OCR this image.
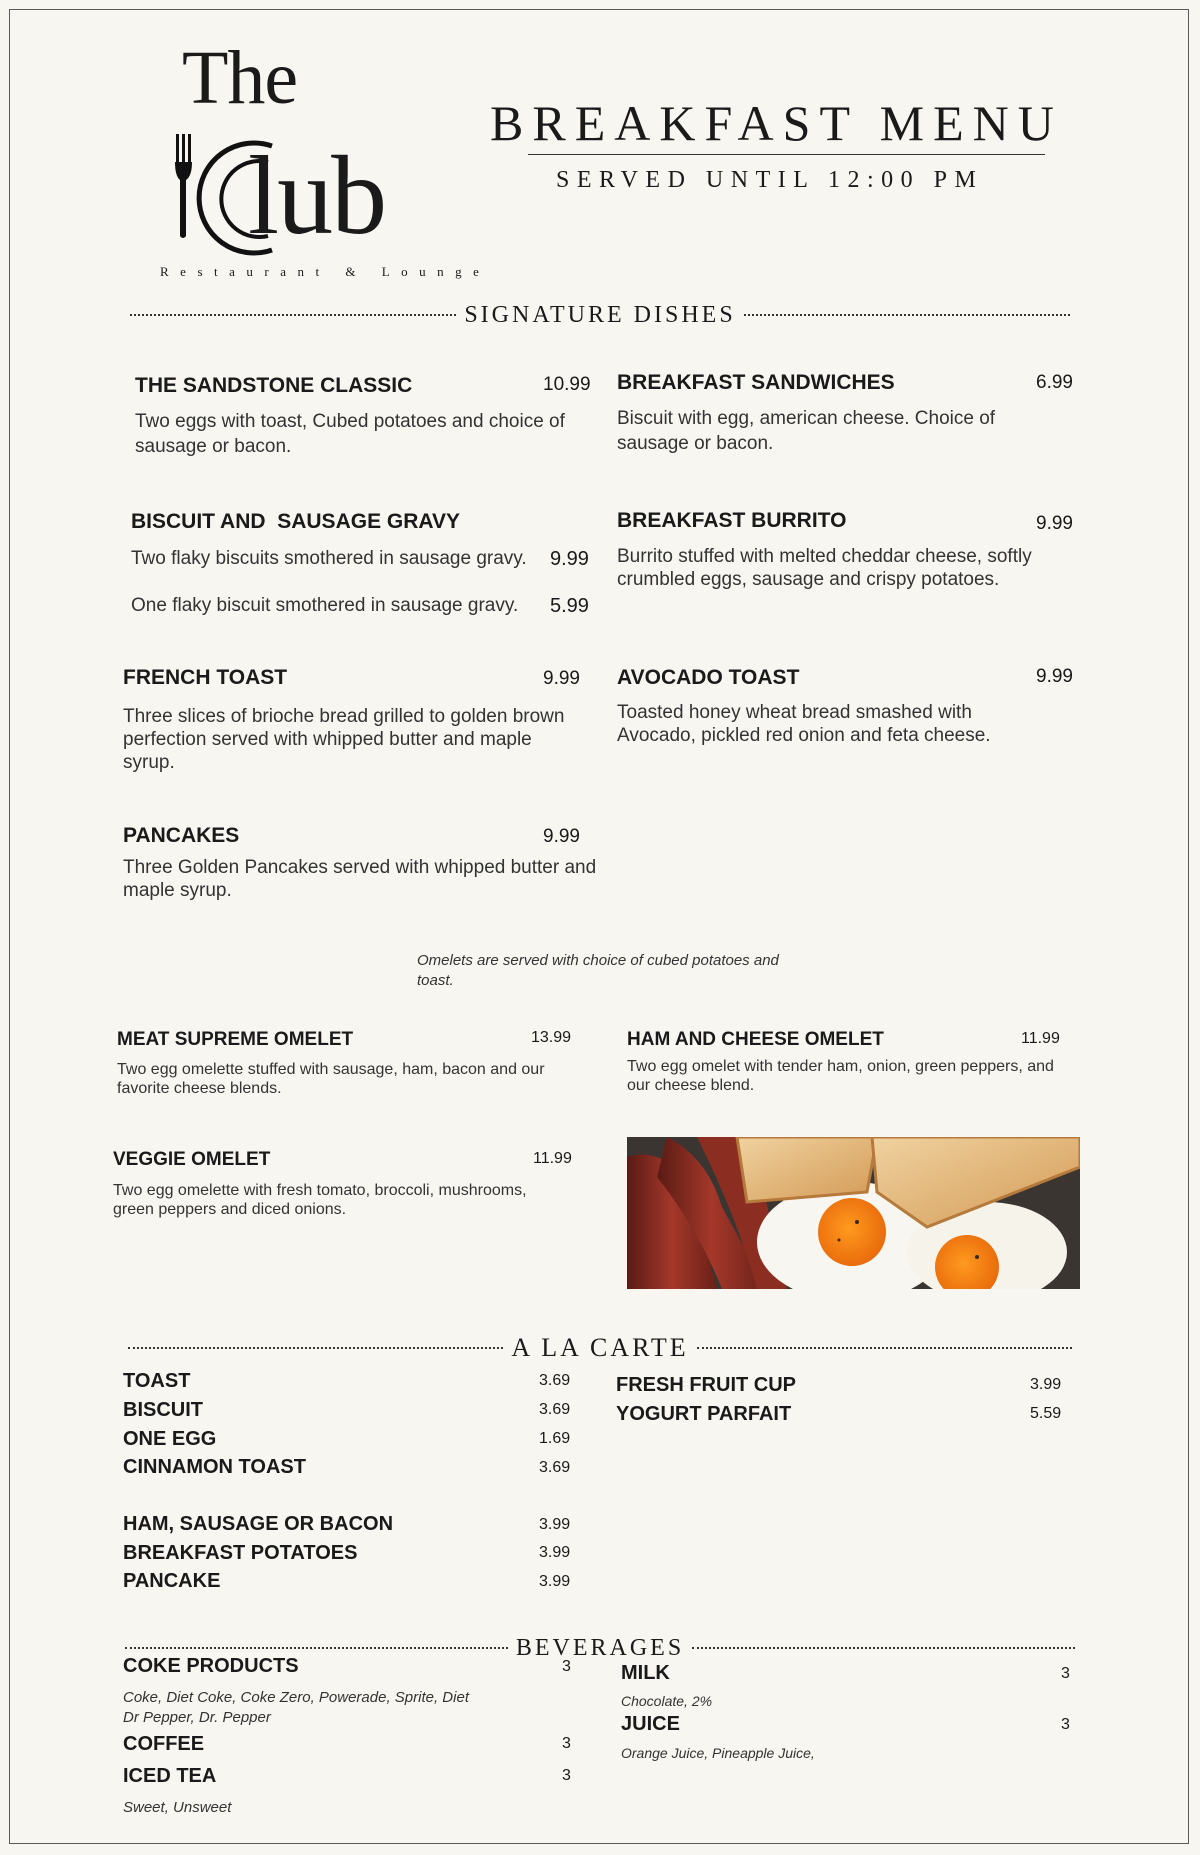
The
lub
Restaurant & Lounge
BREAKFAST MENU
SERVED UNTIL 12:00 PM
SIGNATURE DISHES
THE SANDSTONE CLASSIC	10.99
Two eggs with toast, Cubed potatoes and choice of sausage or bacon.
BREAKFAST SANDWICHES	6.99
Biscuit with egg, american cheese. Choice of sausage or bacon.
BISCUIT AND  SAUSAGE GRAVY
Two flaky biscuits smothered in sausage gravy. 9.99
One flaky biscuit smothered in sausage gravy. 5.99
BREAKFAST BURRITO	9.99
Burrito stuffed with melted cheddar cheese, softly crumbled eggs, sausage and crispy potatoes.
FRENCH TOAST	9.99
Three slices of brioche bread grilled to golden brown perfection served with whipped butter and maple syrup.
AVOCADO TOAST	9.99
Toasted honey wheat bread smashed with Avocado, pickled red onion and feta cheese.
PANCAKES	9.99
Three Golden Pancakes served with whipped butter and maple syrup.
Omelets are served with choice of cubed potatoes and toast.
MEAT SUPREME OMELET	13.99
Two egg omelette stuffed with sausage, ham, bacon and our favorite cheese blends.
HAM AND CHEESE OMELET	11.99
Two egg omelet with tender ham, onion, green peppers, and our cheese blend.
VEGGIE OMELET	11.99
Two egg omelette with fresh tomato, broccoli, mushrooms, green peppers and diced onions.
A LA CARTE
TOAST	3.69
BISCUIT	3.69
ONE EGG	1.69
CINNAMON TOAST	3.69
HAM, SAUSAGE OR BACON	3.99
BREAKFAST POTATOES	3.99
PANCAKE	3.99
FRESH FRUIT CUP	3.99
YOGURT PARFAIT	5.59
BEVERAGES
COKE PRODUCTS	3
Coke, Diet Coke, Coke Zero, Powerade, Sprite, Diet Dr Pepper, Dr. Pepper
COFFEE	3
ICED TEA	3
Sweet, Unsweet
MILK	3
Chocolate, 2%
JUICE	3
Orange Juice, Pineapple Juice,
